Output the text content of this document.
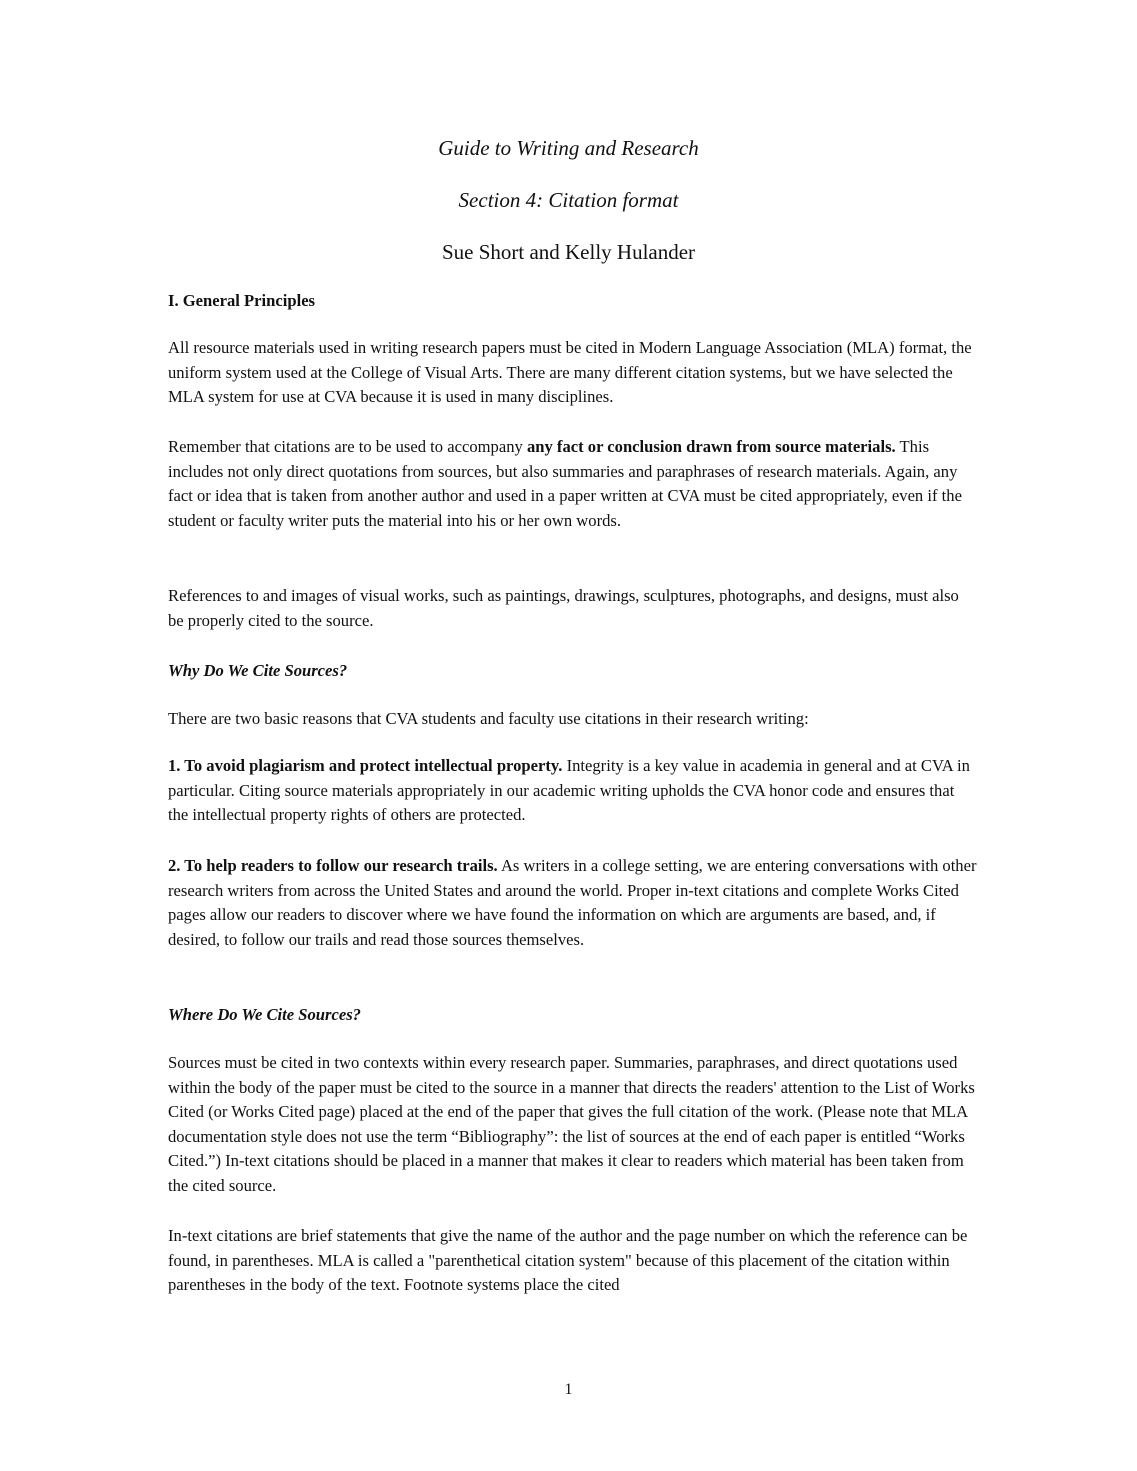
Guide to Writing and Research

Section 4: Citation format

Sue Short and Kelly Hulander

I. General Principles

All resource materials used in writing research papers must be cited in Modern Language Association (MLA) format, the uniform system used at the College of Visual Arts. There are many different citation systems, but we have selected the MLA system for use at CVA because it is used in many disciplines.

Remember that citations are to be used to accompany any fact or conclusion drawn from source materials. This includes not only direct quotations from sources, but also summaries and paraphrases of research materials. Again, any fact or idea that is taken from another author and used in a paper written at CVA must be cited appropriately, even if the student or faculty writer puts the material into his or her own words.

References to and images of visual works, such as paintings, drawings, sculptures, photographs, and designs, must also be properly cited to the source.

Why Do We Cite Sources?

There are two basic reasons that CVA students and faculty use citations in their research writing:

1. To avoid plagiarism and protect intellectual property. Integrity is a key value in academia in general and at CVA in particular. Citing source materials appropriately in our academic writing upholds the CVA honor code and ensures that the intellectual property rights of others are protected.

2. To help readers to follow our research trails. As writers in a college setting, we are entering conversations with other research writers from across the United States and around the world. Proper in-text citations and complete Works Cited pages allow our readers to discover where we have found the information on which are arguments are based, and, if desired, to follow our trails and read those sources themselves.

Where Do We Cite Sources?

Sources must be cited in two contexts within every research paper. Summaries, paraphrases, and direct quotations used within the body of the paper must be cited to the source in a manner that directs the readers' attention to the List of Works Cited (or Works Cited page) placed at the end of the paper that gives the full citation of the work. (Please note that MLA documentation style does not use the term “Bibliography”: the list of sources at the end of each paper is entitled “Works Cited.”) In-text citations should be placed in a manner that makes it clear to readers which material has been taken from the cited source.

In-text citations are brief statements that give the name of the author and the page number on which the reference can be found, in parentheses. MLA is called a "parenthetical citation system" because of this placement of the citation within parentheses in the body of the text. Footnote systems place the cited

1
